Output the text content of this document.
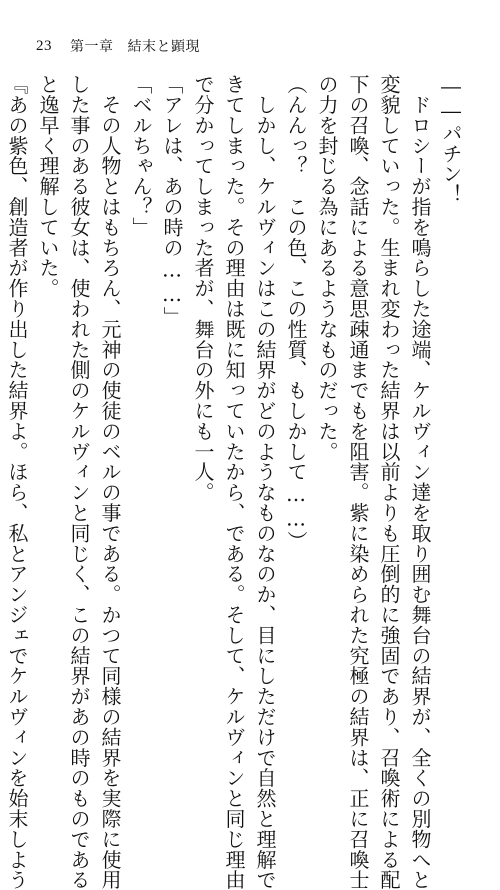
23 第一章 結末と顕現
――パチン！
　ドロシーが指を鳴らした途端、ケルヴィン達を取り囲む舞台の結界が、全くの別物へと
変貌していった。生まれ変わった結界は以前よりも圧倒的に強固であり、召喚術による配
下の召喚、念話による意思疎通までもを阻害。紫に染められた究極の結界は、正に召喚士
の力を封じる為にあるようなものだった。
（んんっ？　この色、この性質、もしかして……）
　しかし、ケルヴィンはこの結界がどのようなものなのか、目にしただけで自然と理解で
きてしまった。その理由は既に知っていたから、である。そして、ケルヴィンと同じ理由
で分かってしまった者が、舞台の外にも一人。
「アレは、あの時の……」
「ベルちゃん？」
　その人物とはもちろん、元神の使徒のベルの事である。かつて同様の結界を実際に使用
した事のある彼女は、使われた側のケルヴィンと同じく、この結界があの時のものである
と逸早く理解していた。
『あの紫色、創造者が作り出した結界よ。ほら、私とアンジェでケルヴィンを始末しよう
